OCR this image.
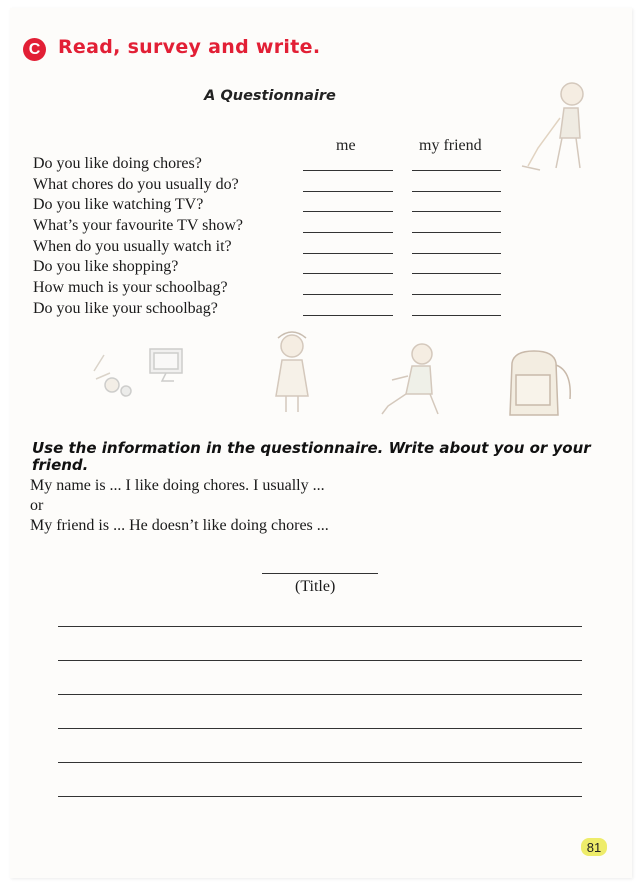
C Read, survey and write.
A Questionnaire
me	my friend
Do you like doing chores?
What chores do you usually do?
Do you like watching TV?
What’s your favourite TV show?
When do you usually watch it?
Do you like shopping?
How much is your schoolbag?
Do you like your schoolbag?
Use the information in the questionnaire. Write about you or your friend.
My name is ... I like doing chores. I usually ...
or
My friend is ... He doesn’t like doing chores ...
(Title)
81
